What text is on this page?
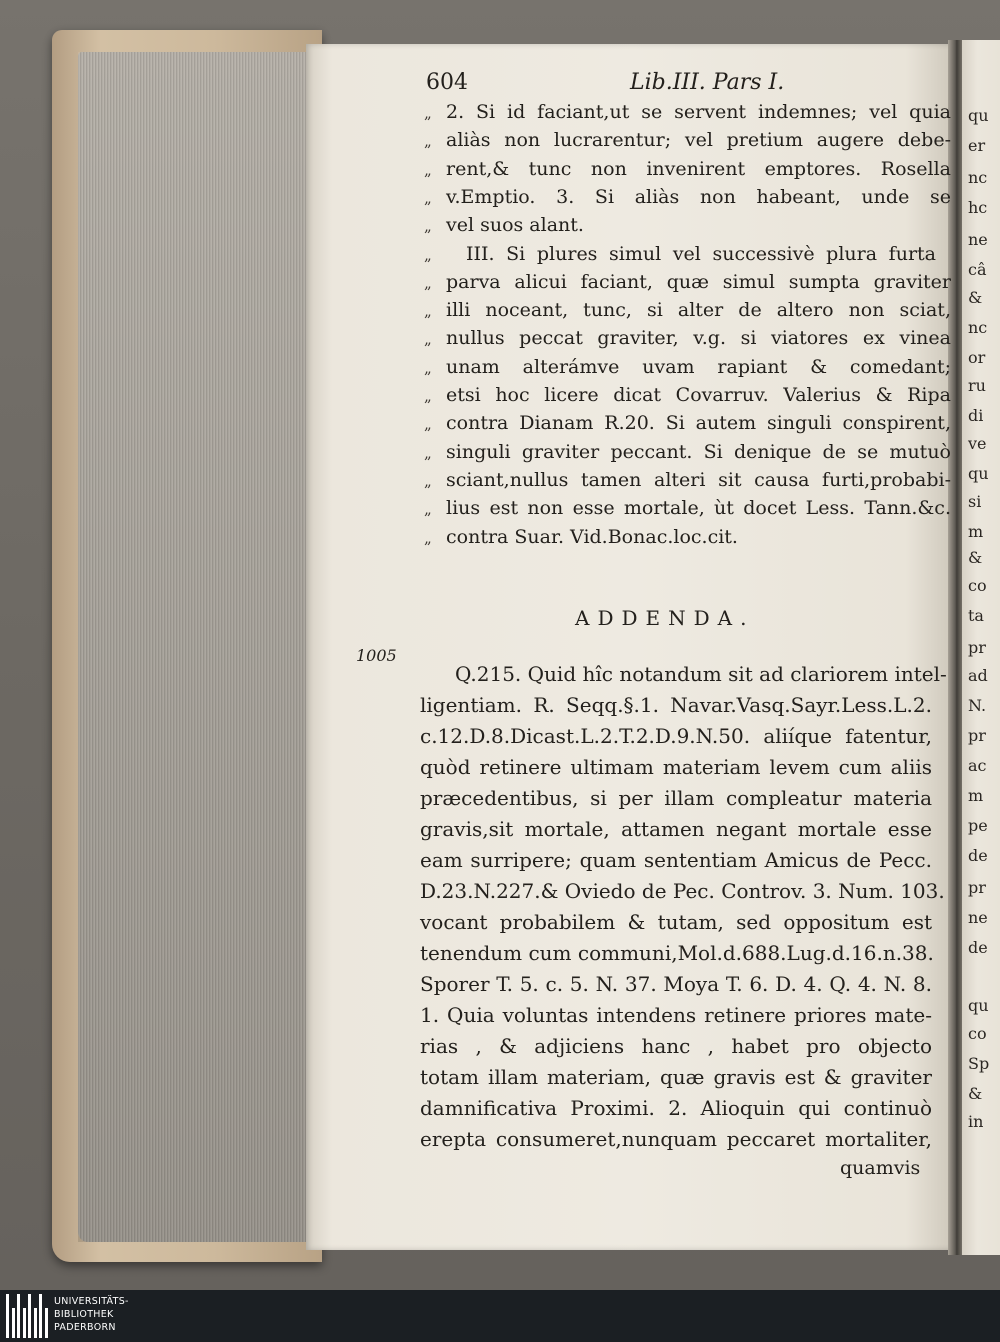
qu
er
nc
hc
ne
câ
&
nc
or
ru
di
ve
qu
si
m
&
co
ta
pr
ad
N.
pr
ac
m
pe
de
pr
ne
de
qu
co
Sp
&
in
604	Lib.III. Pars I.
„ 2. Si id faciant,ut se servent indemnes; vel quia
„ aliàs non lucrarentur; vel pretium augere debe-
„ rent,& tunc non invenirent emptores. Rosella
„ v.Emptio. 3. Si aliàs non habeant, unde se
„ vel suos alant.
„ III. Si plures simul vel successivè plura furta
„ parva alicui faciant, quæ simul sumpta graviter
„ illi noceant, tunc, si alter de altero non sciat,
„ nullus peccat graviter, v.g. si viatores ex vinea
„ unam alterámve uvam rapiant & comedant;
„ etsi hoc licere dicat Covarruv. Valerius & Ripa
„ contra Dianam R.20. Si autem singuli conspirent,
„ singuli graviter peccant. Si denique de se mutuò
„ sciant,nullus tamen alteri sit causa furti,probabi-
„ lius est non esse mortale, ùt docet Less. Tann.&c.
„ contra Suar. Vid.Bonac.loc.cit.
ADDENDA.
1005
Q.215. Quid hîc notandum sit ad clariorem intel-
ligentiam. R. Seqq.§.1. Navar.Vasq.Sayr.Less.L.2.
c.12.D.8.Dicast.L.2.T.2.D.9.N.50. aliíque fatentur,
quòd retinere ultimam materiam levem cum aliis
præcedentibus, si per illam compleatur materia
gravis,sit mortale, attamen negant mortale esse
eam surripere; quam sententiam Amicus de Pecc.
D.23.N.227.& Oviedo de Pec. Controv. 3. Num. 103.
vocant probabilem & tutam, sed oppositum est
tenendum cum communi,Mol.d.688.Lug.d.16.n.38.
Sporer T. 5. c. 5. N. 37. Moya T. 6. D. 4. Q. 4. N. 8.
1. Quia voluntas intendens retinere priores mate-
rias , & adjiciens hanc , habet pro objecto
totam illam materiam, quæ gravis est & graviter
damnificativa Proximi. 2. Alioquin qui continuò
erepta consumeret,nunquam peccaret mortaliter,
quamvis
UNIVERSITÄTS-
BIBLIOTHEK
PADERBORN
